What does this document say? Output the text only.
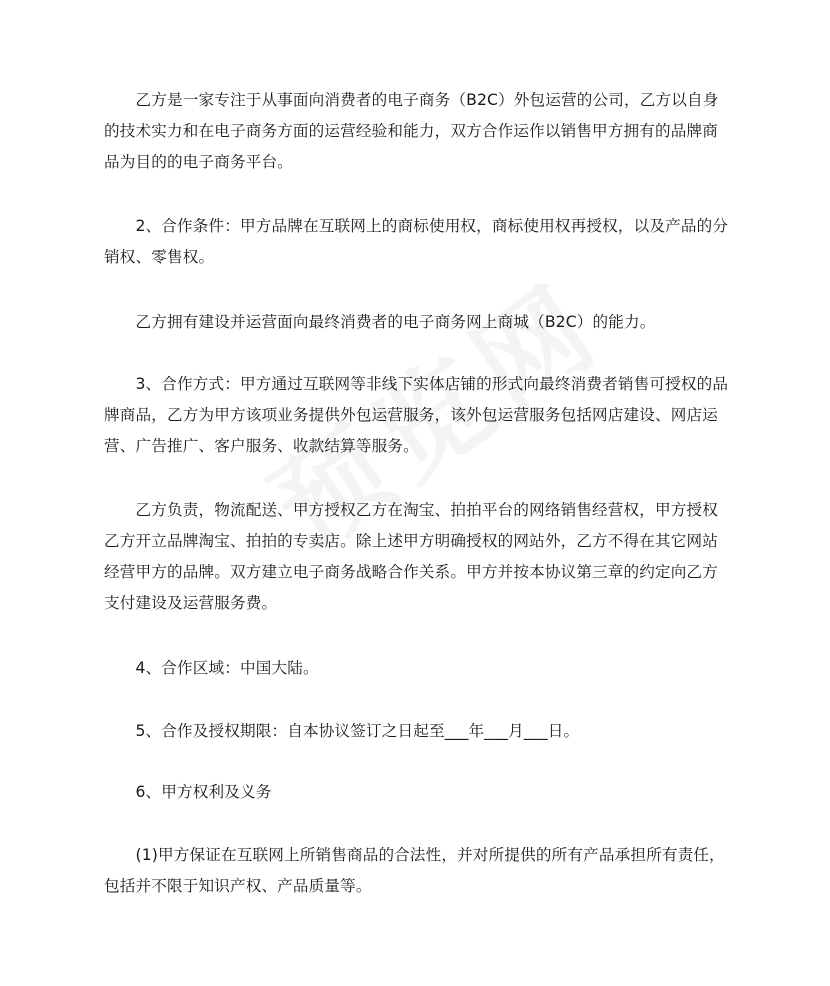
　　乙方是一家专注于从事面向消费者的电子商务（B2C）外包运营的公司，乙方以自身
的技术实力和在电子商务方面的运营经验和能力，双方合作运作以销售甲方拥有的品牌商
品为目的的电子商务平台。
　　2、合作条件：甲方品牌在互联网上的商标使用权，商标使用权再授权，以及产品的分
销权、零售权。
　　乙方拥有建设并运营面向最终消费者的电子商务网上商城（B2C）的能力。
　　3、合作方式：甲方通过互联网等非线下实体店铺的形式向最终消费者销售可授权的品
牌商品，乙方为甲方该项业务提供外包运营服务，该外包运营服务包括网店建设、网店运
营、广告推广、客户服务、收款结算等服务。
　　乙方负责，物流配送、甲方授权乙方在淘宝、拍拍平台的网络销售经营权，甲方授权
乙方开立品牌淘宝、拍拍的专卖店。除上述甲方明确授权的网站外，乙方不得在其它网站
经营甲方的品牌。双方建立电子商务战略合作关系。甲方并按本协议第三章的约定向乙方
支付建设及运营服务费。
　　4、合作区域：中国大陆。
　　5、合作及授权期限：自本协议签订之日起至___年___月___日。
　　6、甲方权利及义务
　　(1)甲方保证在互联网上所销售商品的合法性，并对所提供的所有产品承担所有责任，
包括并不限于知识产权、产品质量等。
